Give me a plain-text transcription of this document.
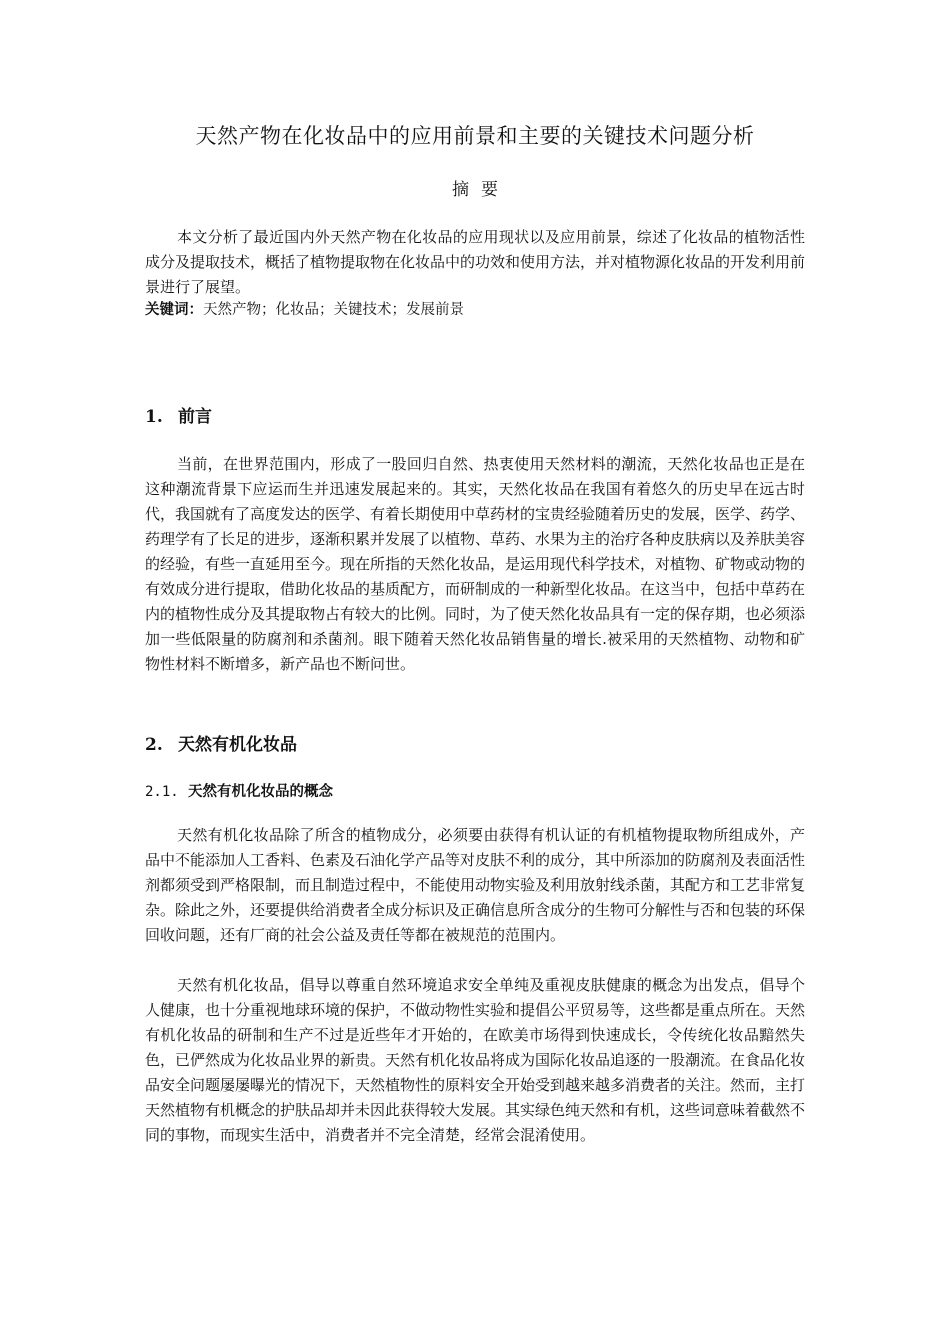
天然产物在化妆品中的应用前景和主要的关键技术问题分析
摘要

本文分析了最近国内外天然产物在化妆品的应用现状以及应用前景，综述了化妆品的植物活性成分及提取技术，概括了植物提取物在化妆品中的功效和使用方法，并对植物源化妆品的开发利用前景进行了展望。

关键词：天然产物；化妆品；关键技术；发展前景

1. 前言

当前，在世界范围内，形成了一股回归自然、热衷使用天然材料的潮流，天然化妆品也正是在这种潮流背景下应运而生并迅速发展起来的。其实，天然化妆品在我国有着悠久的历史早在远古时代，我国就有了高度发达的医学、有着长期使用中草药材的宝贵经验随着历史的发展，医学、药学、药理学有了长足的进步，逐渐积累并发展了以植物、草药、水果为主的治疗各种皮肤病以及养肤美容的经验，有些一直延用至今。现在所指的天然化妆品，是运用现代科学技术，对植物、矿物或动物的有效成分进行提取，借助化妆品的基质配方，而研制成的一种新型化妆品。在这当中，包括中草药在内的植物性成分及其提取物占有较大的比例。同时，为了使天然化妆品具有一定的保存期，也必须添加一些低限量的防腐剂和杀菌剂。眼下随着天然化妆品销售量的增长.被采用的天然植物、动物和矿物性材料不断增多，新产品也不断问世。

2. 天然有机化妆品
2.1. 天然有机化妆品的概念

天然有机化妆品除了所含的植物成分，必须要由获得有机认证的有机植物提取物所组成外，产品中不能添加人工香料、色素及石油化学产品等对皮肤不利的成分，其中所添加的防腐剂及表面活性剂都须受到严格限制，而且制造过程中，不能使用动物实验及利用放射线杀菌，其配方和工艺非常复杂。除此之外，还要提供给消费者全成分标识及正确信息所含成分的生物可分解性与否和包装的环保回收问题，还有厂商的社会公益及责任等都在被规范的范围内。

天然有机化妆品，倡导以尊重自然环境追求安全单纯及重视皮肤健康的概念为出发点，倡导个人健康，也十分重视地球环境的保护，不做动物性实验和提倡公平贸易等，这些都是重点所在。天然有机化妆品的研制和生产不过是近些年才开始的，在欧美市场得到快速成长，令传统化妆品黯然失色，已俨然成为化妆品业界的新贵。天然有机化妆品将成为国际化妆品追逐的一股潮流。在食品化妆品安全问题屡屡曝光的情况下，天然植物性的原料安全开始受到越来越多消费者的关注。然而，主打天然植物有机概念的护肤品却并未因此获得较大发展。其实绿色纯天然和有机，这些词意味着截然不同的事物，而现实生活中，消费者并不完全清楚，经常会混淆使用。
